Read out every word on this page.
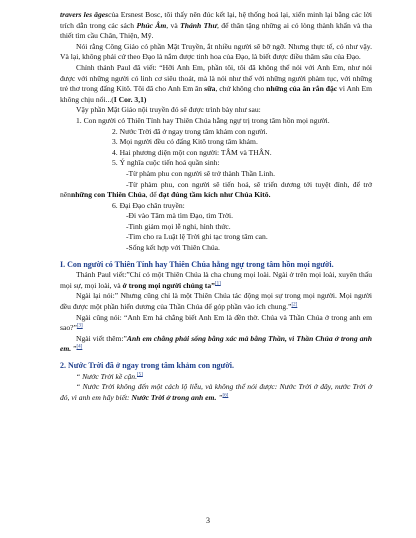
travers les âgescủa Ersnest Bosc, tôi thấy nên đúc kết lại, hệ thống hoá lại, xiển minh lại bằng các lời trích dẫn trong các sách Phúc Âm, và Thánh Thư, để thân tặng những ai có lòng thành khẩn và tha thiết tìm cầu Chân, Thiện, Mỹ.

Nói rằng Công Giáo có phần Mật Truyền, ắt nhiều người sẽ bỡ ngỡ. Nhưng thực tế, có như vậy. Và lại, không phải cứ theo Đạo là nắm được tinh hoa của Đạo, là biết được điều thâm sâu của Đạo.

Chính thánh Paul đã viết: “Hỡi Anh Em, phần tôi, tôi đã không thể nói với Anh Em, như nói được với những người có linh cơ siêu thoát, mà là nói như thế với những người phàm tục, với những trẻ thơ trong đấng Kitô. Tôi đã cho Anh Em ăn sữa, chứ không cho những của ăn rắn đặc vì Anh Em không chịu nổi...(I Cor. 3,1)

Vậy phần Mật Giáo nội truyền đó sẽ được trình bày như sau:

1. Con người có Thiên Tính hay Thiên Chúa hằng ngự trị trong tâm hồn mọi người.

2. Nước Trời đã ở ngay trong tâm khảm con người.

3. Mọi người đều có đấng Kitô trong tâm khảm.

4. Hai phương diện một con người: TÂM và THÂN.

5. Ý nghĩa cuộc tiến hoá quần sinh:

-Từ phàm phu con người sẽ trở thành Thần Linh.

-Từ phàm phu, con người sẽ tiến hoá, sẽ triển dương tới tuyệt đỉnh, để trở nênnhững con Thiên Chúa, để đạt đúng tầm kích như Chúa Kitô.

6. Đại Đạo chân truyền:

-Đi vào Tâm mà tìm Đạo, tìm Trời.

-Tinh giảm mọi lễ nghi, hình thức.

-Tìm cho ra Luật lệ Trời ghi tạc trong tâm can.

-Sống kết hợp với Thiên Chúa.

I. Con người có Thiên Tính hay Thiên Chúa hằng ngự trong tâm hồn mọi người.

Thánh Paul viết:”Chỉ có một Thiên Chúa là cha chung mọi loài. Ngài ở trên mọi loài, xuyên thấu mọi sự, mọi loài, và ở trong mọi người chúng ta”[1]

Ngài lại nói:” Nhưng cũng chỉ là một Thiên Chúa tác động mọi sự trong mọi người. Mọi người đều được một phần hiển dương của Thần Chúa để góp phần vào ích chung.”[2]

Ngài cũng nói: “Anh Em há chẳng biết Anh Em là đền thờ. Chúa và Thần Chúa ở trong anh em sao?”[3]

Ngài viết thêm:”Anh em chẳng phải sống bằng xác mà bằng Thần, vì Thần Chúa ở trong anh em. ”[4]

2. Nước Trời đã ở ngay trong tâm khảm con người.

“ Nước Trời kề cận.[5]

“ Nước Trời không đến một cách lộ liễu, và không thể nói được: Nước Trời ở đây, nước Trời ở đó, vì anh em hãy biết: Nước Trời ở trong anh em. ”[6]

3
